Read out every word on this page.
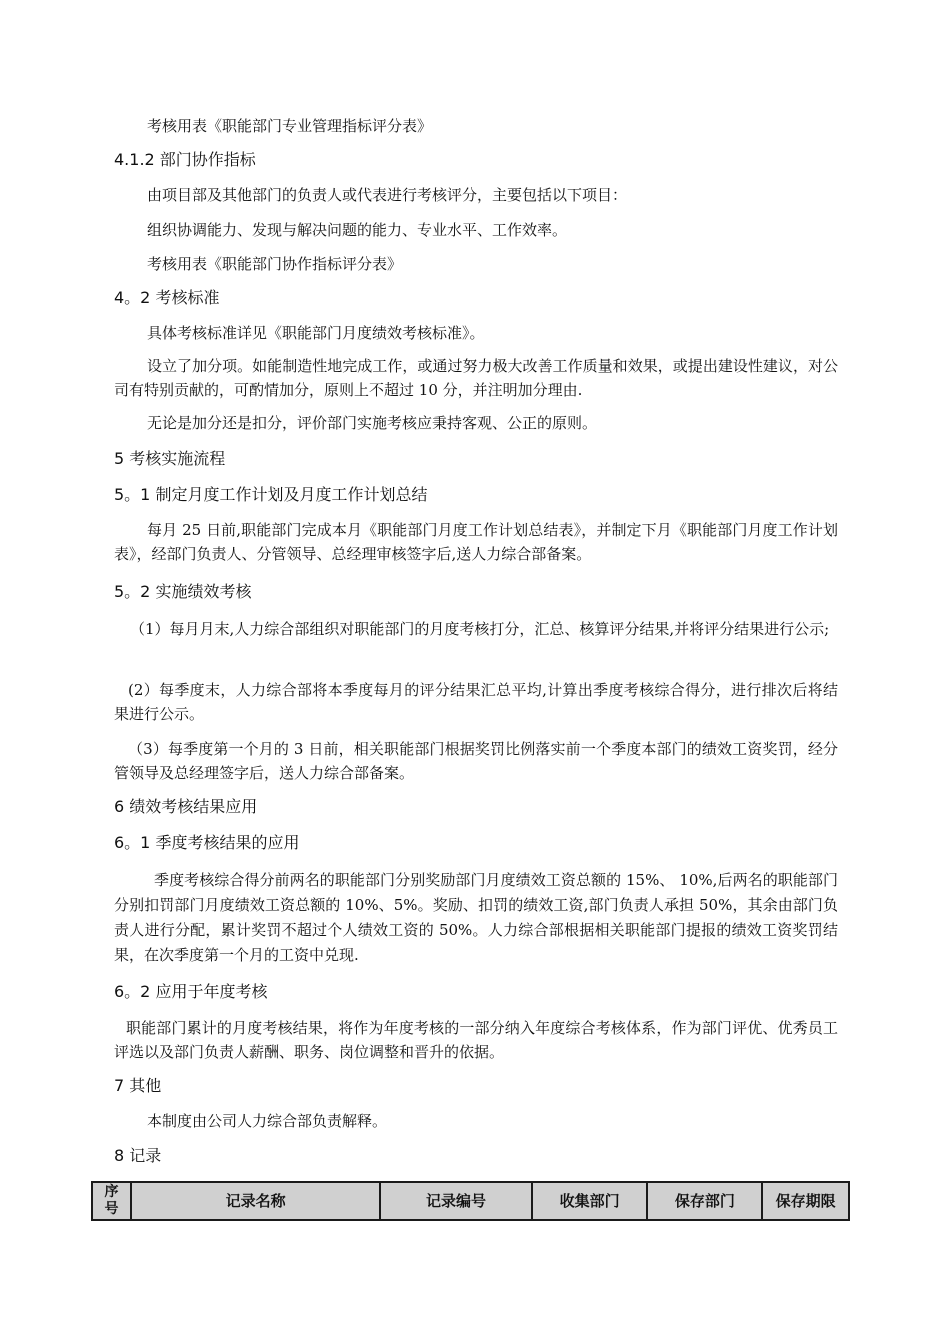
考核用表《职能部门专业管理指标评分表》
4.1.2 部门协作指标
由项目部及其他部门的负责人或代表进行考核评分，主要包括以下项目：
组织协调能力、发现与解决问题的能力、专业水平、工作效率。
考核用表《职能部门协作指标评分表》
4。2 考核标准
具体考核标准详见《职能部门月度绩效考核标准》。
设立了加分项。如能制造性地完成工作，或通过努力极大改善工作质量和效果，或提出建设性建议，对公司有特别贡献的，可酌情加分，原则上不超过 10 分，并注明加分理由.
无论是加分还是扣分，评价部门实施考核应秉持客观、公正的原则。
5 考核实施流程
5。1 制定月度工作计划及月度工作计划总结
每月 25 日前,职能部门完成本月《职能部门月度工作计划总结表》，并制定下月《职能部门月度工作计划表》，经部门负责人、分管领导、总经理审核签字后,送人力综合部备案。
5。2 实施绩效考核
（1）每月月末,人力综合部组织对职能部门的月度考核打分，汇总、核算评分结果,并将评分结果进行公示;
(2）每季度末，人力综合部将本季度每月的评分结果汇总平均,计算出季度考核综合得分，进行排次后将结果进行公示。
（3）每季度第一个月的 3 日前，相关职能部门根据奖罚比例落实前一个季度本部门的绩效工资奖罚，经分管领导及总经理签字后，送人力综合部备案。
6 绩效考核结果应用
6。1 季度考核结果的应用
季度考核综合得分前两名的职能部门分别奖励部门月度绩效工资总额的 15%、 10%,后两名的职能部门分别扣罚部门月度绩效工资总额的 10%、5%。奖励、扣罚的绩效工资,部门负责人承担 50%，其余由部门负责人进行分配，累计奖罚不超过个人绩效工资的 50%。人力综合部根据相关职能部门提报的绩效工资奖罚结果，在次季度第一个月的工资中兑现.
6。2 应用于年度考核
职能部门累计的月度考核结果，将作为年度考核的一部分纳入年度综合考核体系，作为部门评优、优秀员工评选以及部门负责人薪酬、职务、岗位调整和晋升的依据。
7 其他
本制度由公司人力综合部负责解释。
8 记录
序号	记录名称	记录编号	收集部门	保存部门	保存期限
